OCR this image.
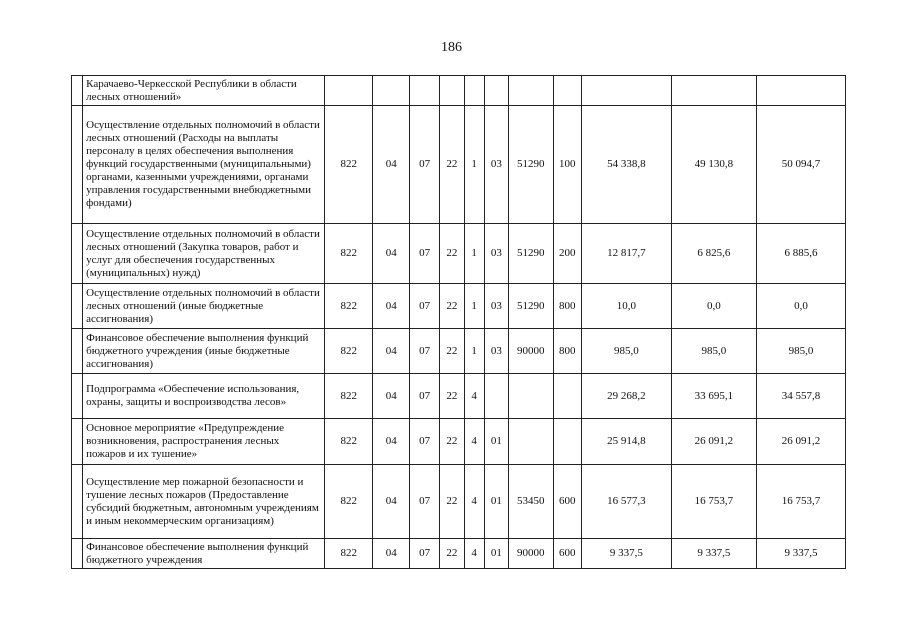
186
	Карачаево-Черкесской Республики в области лесных отношений»											
	Осуществление отдельных полномочий в области лесных отношений (Расходы на выплаты персоналу в целях обеспечения выполнения функций государственными (муниципальными) органами, казенными учреждениями, органами управления государственными внебюджетными фондами)	822	04	07	22	1	03	51290	100	54 338,8	49 130,8	50 094,7
	Осуществление отдельных полномочий в области лесных отношений (Закупка товаров, работ и услуг для обеспечения государственных (муниципальных) нужд)	822	04	07	22	1	03	51290	200	12 817,7	6 825,6	6 885,6
	Осуществление отдельных полномочий в области лесных отношений (иные бюджетные ассигнования)	822	04	07	22	1	03	51290	800	10,0	0,0	0,0
	Финансовое обеспечение выполнения функций бюджетного учреждения (иные бюджетные ассигнования)	822	04	07	22	1	03	90000	800	985,0	985,0	985,0
	Подпрограмма «Обеспечение использования, охраны, защиты и воспроизводства лесов»	822	04	07	22	4				29 268,2	33 695,1	34 557,8
	Основное мероприятие «Предупреждение возникновения, распространения лесных пожаров и их тушение»	822	04	07	22	4	01			25 914,8	26 091,2	26 091,2
	Осуществление мер пожарной безопасности и тушение лесных пожаров (Предоставление субсидий бюджетным, автономным учреждениям и иным некоммерческим организациям)	822	04	07	22	4	01	53450	600	16 577,3	16 753,7	16 753,7
	Финансовое обеспечение выполнения функций бюджетного учреждения	822	04	07	22	4	01	90000	600	9 337,5	9 337,5	9 337,5
